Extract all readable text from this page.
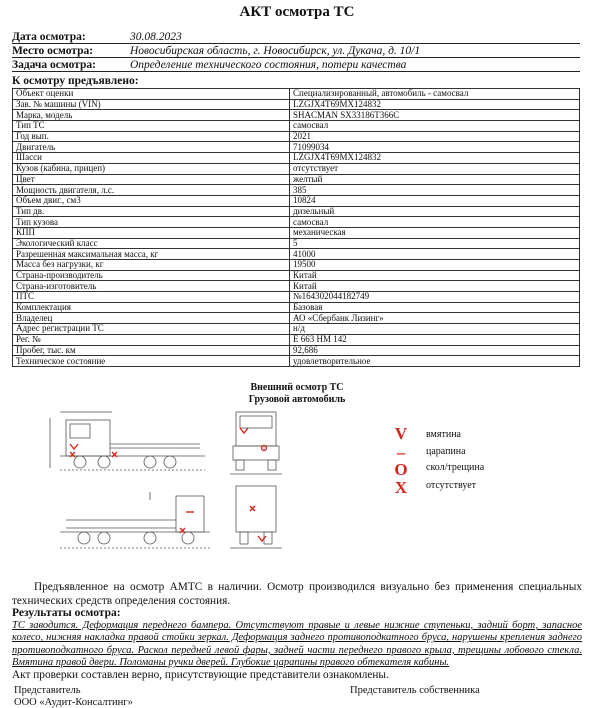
АКТ осмотра ТС
Дата осмотра:	30.08.2023
Место осмотра:	Новосибирская область, г. Новосибирск, ул. Дукача, д. 10/1
Задача осмотра:	Определение технического состояния, потери качества
К осмотру предъявлено:
Объект оценки	Специализированный, автомобиль - самосвал
Зав. № машины (VIN)	LZGJX4T69MX124832
Марка, модель	SHACMAN SX33186T366C
Тип ТС	самосвал
Год вып.	2021
Двигатель	71099034
Шасси	LZGJX4T69MX124832
Кузов (кабина, прицеп)	отсутствует
Цвет	желтый
Мощность двигателя, л.с.	385
Объем двиг., см3	10824
Тип дв.	дизельный
Тип кузова	самосвал
КПП	механическая
Экологический класс	5
Разрешенная максимальная масса, кг	41000
Масса без нагрузки, кг	19500
Страна-производитель	Китай
Страна-изготовитель	Китай
ПТС	№164302044182749
Комплектация	Базовая
Владелец	АО «Сбербанк Лизинг»
Адрес регистрации ТС	н/д
Рег. №	Е 663 НМ 142
Пробег, тыс. км	92,686
Техническое состояние	удовлетворительное
Внешний осмотр ТС
Грузовой автомобиль
V	вмятина
–	царапина
O	скол/трещина
X	отсутствует
Предъявленное на осмотр АМТС в наличии. Осмотр производился визуально без применения специальных технических средств определения состояния.
Результаты осмотра:
ТС заводится. Деформация переднего бампера. Отсутствуют правые и левые нижние ступеньки, задний борт, запасное колесо, нижняя накладка правой стойки зеркал. Деформация заднего противоподкатного бруса, нарушены крепления заднего противоподкатного бруса. Раскол передней левой фары, задней части переднего правого крыла, трещины лобового стекла. Вмятина правой двери. Поломаны ручки дверей. Глубокие царапины правого обтекателя кабины.
Акт проверки составлен верно, присутствующие представители ознакомлены.
Представитель
ООО «Аудит-Консалтинг»
Представитель собственника
